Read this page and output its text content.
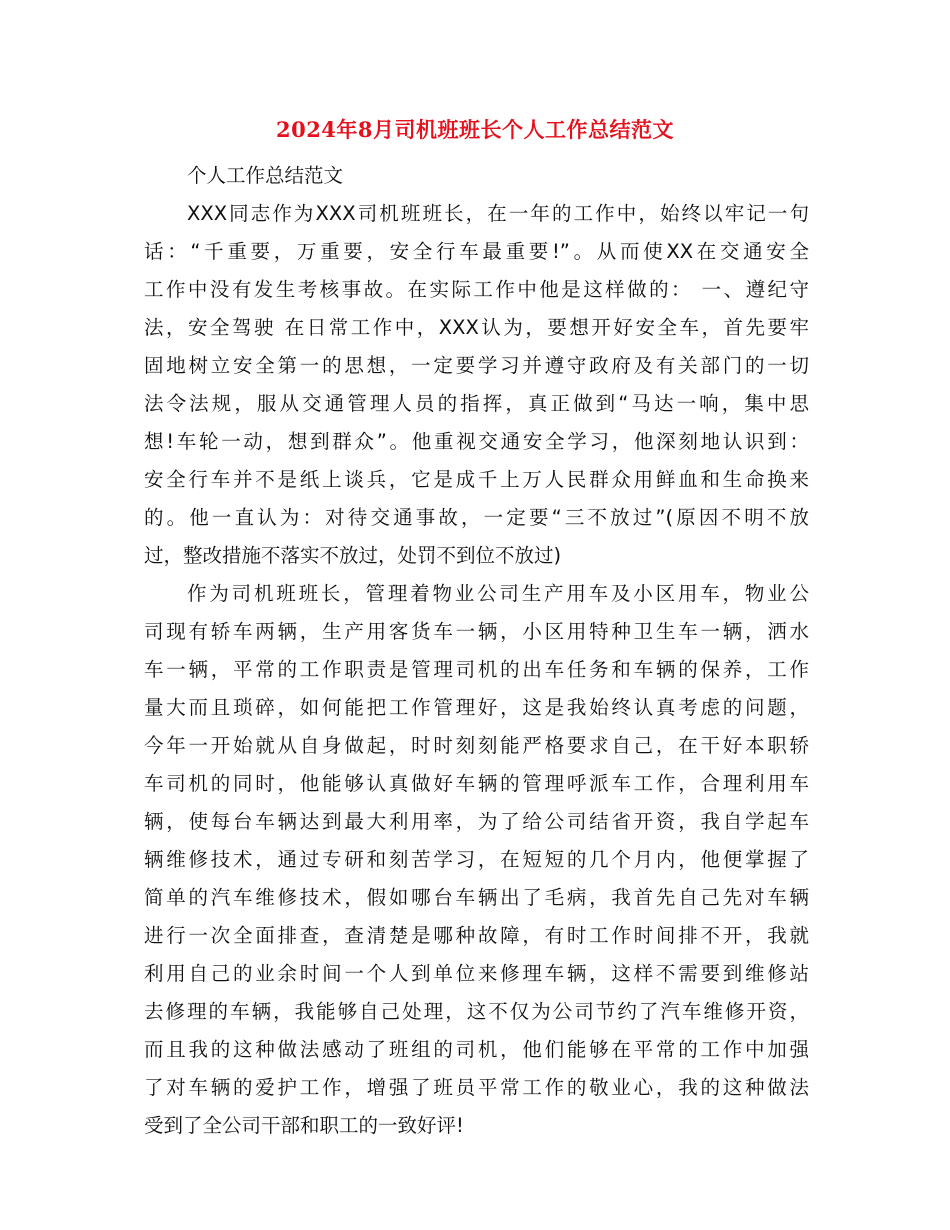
2024年8月司机班班长个人工作总结范文
个人工作总结范文
XXX同志作为XXX司机班班长，在一年的工作中，始终以牢记一句
话：“千重要，万重要，安全行车最重要!”。从而使XX在交通安全
工作中没有发生考核事故。在实际工作中他是这样做的： 一、遵纪守
法，安全驾驶 在日常工作中，XXX认为，要想开好安全车，首先要牢
固地树立安全第一的思想，一定要学习并遵守政府及有关部门的一切
法令法规，服从交通管理人员的指挥，真正做到“马达一响，集中思
想!车轮一动，想到群众”。他重视交通安全学习，他深刻地认识到：
安全行车并不是纸上谈兵，它是成千上万人民群众用鲜血和生命换来
的。他一直认为：对待交通事故，一定要“三不放过”(原因不明不放
过，整改措施不落实不放过，处罚不到位不放过)
作为司机班班长，管理着物业公司生产用车及小区用车，物业公
司现有轿车两辆，生产用客货车一辆，小区用特种卫生车一辆，洒水
车一辆，平常的工作职责是管理司机的出车任务和车辆的保养，工作
量大而且琐碎，如何能把工作管理好，这是我始终认真考虑的问题，
今年一开始就从自身做起，时时刻刻能严格要求自己，在干好本职轿
车司机的同时，他能够认真做好车辆的管理呼派车工作，合理利用车
辆，使每台车辆达到最大利用率，为了给公司结省开资，我自学起车
辆维修技术，通过专研和刻苦学习，在短短的几个月内，他便掌握了
简单的汽车维修技术，假如哪台车辆出了毛病，我首先自己先对车辆
进行一次全面排查，查清楚是哪种故障，有时工作时间排不开，我就
利用自己的业余时间一个人到单位来修理车辆，这样不需要到维修站
去修理的车辆，我能够自己处理，这不仅为公司节约了汽车维修开资，
而且我的这种做法感动了班组的司机，他们能够在平常的工作中加强
了对车辆的爱护工作，增强了班员平常工作的敬业心，我的这种做法
受到了全公司干部和职工的一致好评!
